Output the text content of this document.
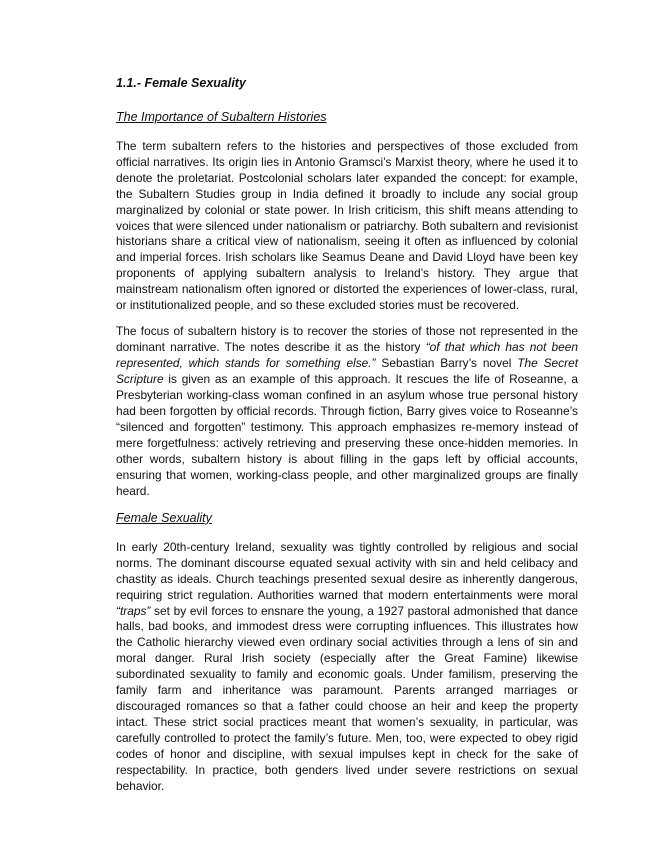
1.1.- Female Sexuality
The Importance of Subaltern Histories

The term subaltern refers to the histories and perspectives of those excluded from official narratives. Its origin lies in Antonio Gramsci’s Marxist theory, where he used it to denote the proletariat. Postcolonial scholars later expanded the concept: for example, the Subaltern Studies group in India defined it broadly to include any social group marginalized by colonial or state power. In Irish criticism, this shift means attending to voices that were silenced under nationalism or patriarchy. Both subaltern and revisionist historians share a critical view of nationalism, seeing it often as influenced by colonial and imperial forces. Irish scholars like Seamus Deane and David Lloyd have been key proponents of applying subaltern analysis to Ireland’s history. They argue that mainstream nationalism often ignored or distorted the experiences of lower-class, rural, or institutionalized people, and so these excluded stories must be recovered.

The focus of subaltern history is to recover the stories of those not represented in the dominant narrative. The notes describe it as the history “of that which has not been represented, which stands for something else.” Sebastian Barry’s novel The Secret Scripture is given as an example of this approach. It rescues the life of Roseanne, a Presbyterian working-class woman confined in an asylum whose true personal history had been forgotten by official records. Through fiction, Barry gives voice to Roseanne’s “silenced and forgotten” testimony. This approach emphasizes re-memory instead of mere forgetfulness: actively retrieving and preserving these once-hidden memories. In other words, subaltern history is about filling in the gaps left by official accounts, ensuring that women, working-class people, and other marginalized groups are finally heard.

Female Sexuality

In early 20th-century Ireland, sexuality was tightly controlled by religious and social norms. The dominant discourse equated sexual activity with sin and held celibacy and chastity as ideals. Church teachings presented sexual desire as inherently dangerous, requiring strict regulation. Authorities warned that modern entertainments were moral “traps” set by evil forces to ensnare the young, a 1927 pastoral admonished that dance halls, bad books, and immodest dress were corrupting influences. This illustrates how the Catholic hierarchy viewed even ordinary social activities through a lens of sin and moral danger. Rural Irish society (especially after the Great Famine) likewise subordinated sexuality to family and economic goals. Under familism, preserving the family farm and inheritance was paramount. Parents arranged marriages or discouraged romances so that a father could choose an heir and keep the property intact. These strict social practices meant that women’s sexuality, in particular, was carefully controlled to protect the family’s future. Men, too, were expected to obey rigid codes of honor and discipline, with sexual impulses kept in check for the sake of respectability. In practice, both genders lived under severe restrictions on sexual behavior.
